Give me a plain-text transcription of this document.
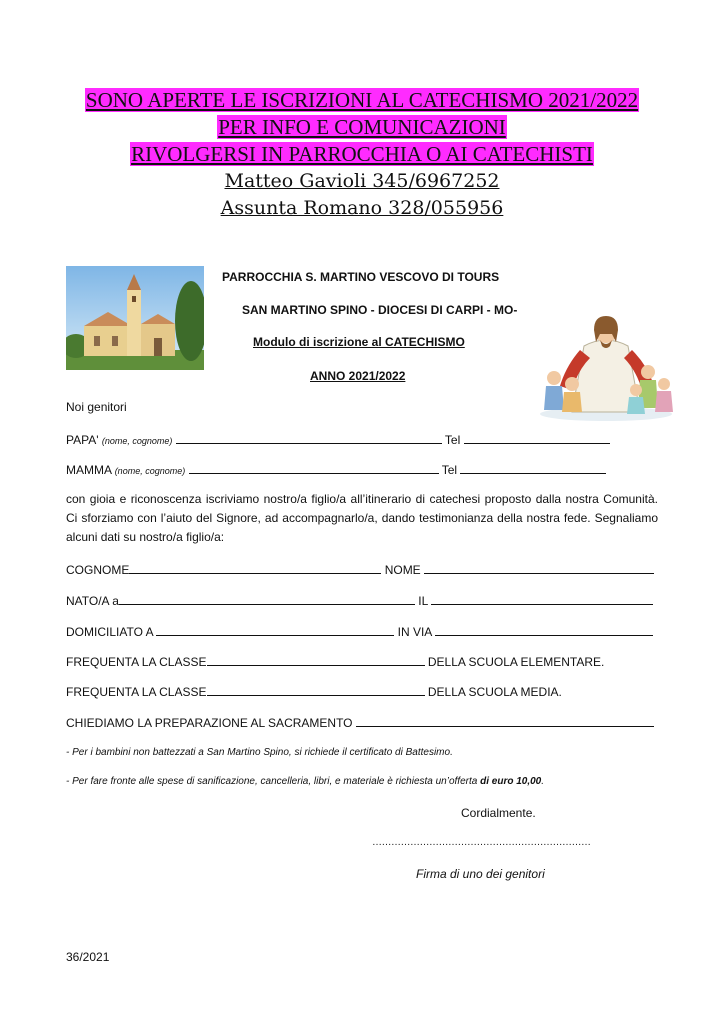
SONO APERTE LE ISCRIZIONI AL CATECHISMO 2021/2022
PER INFO E COMUNICAZIONI
RIVOLGERSI IN PARROCCHIA O AI CATECHISTI
Matteo Gavioli 345/6967252
Assunta Romano 328/055956
PARROCCHIA S. MARTINO VESCOVO DI TOURS
SAN MARTINO SPINO - DIOCESI DI CARPI - MO-
Modulo di iscrizione al CATECHISMO
ANNO 2021/2022
Noi genitori
PAPA' (nome, cognome)	Tel
MAMMA (nome, cognome)	Tel
con gioia e riconoscenza iscriviamo nostro/a figlio/a all’itinerario di catechesi proposto dalla nostra Comunità. Ci sforziamo con l’aiuto del Signore, ad accompagnarlo/a, dando testimonianza della nostra fede. Segnaliamo alcuni dati su nostro/a figlio/a:
COGNOME	NOME
NATO/A a	IL
DOMICILIATO A	IN VIA
FREQUENTA LA CLASSE	DELLA SCUOLA ELEMENTARE.
FREQUENTA LA CLASSE	DELLA SCUOLA MEDIA.
CHIEDIAMO LA PREPARAZIONE AL SACRAMENTO
- Per i bambini non battezzati a San Martino Spino, si richiede il certificato di Battesimo.
- Per fare fronte alle spese di sanificazione, cancelleria, libri, e materiale è richiesta un’offerta di euro 10,00.
Cordialmente.
……………………………………………………………
Firma di uno dei genitori
36/2021
